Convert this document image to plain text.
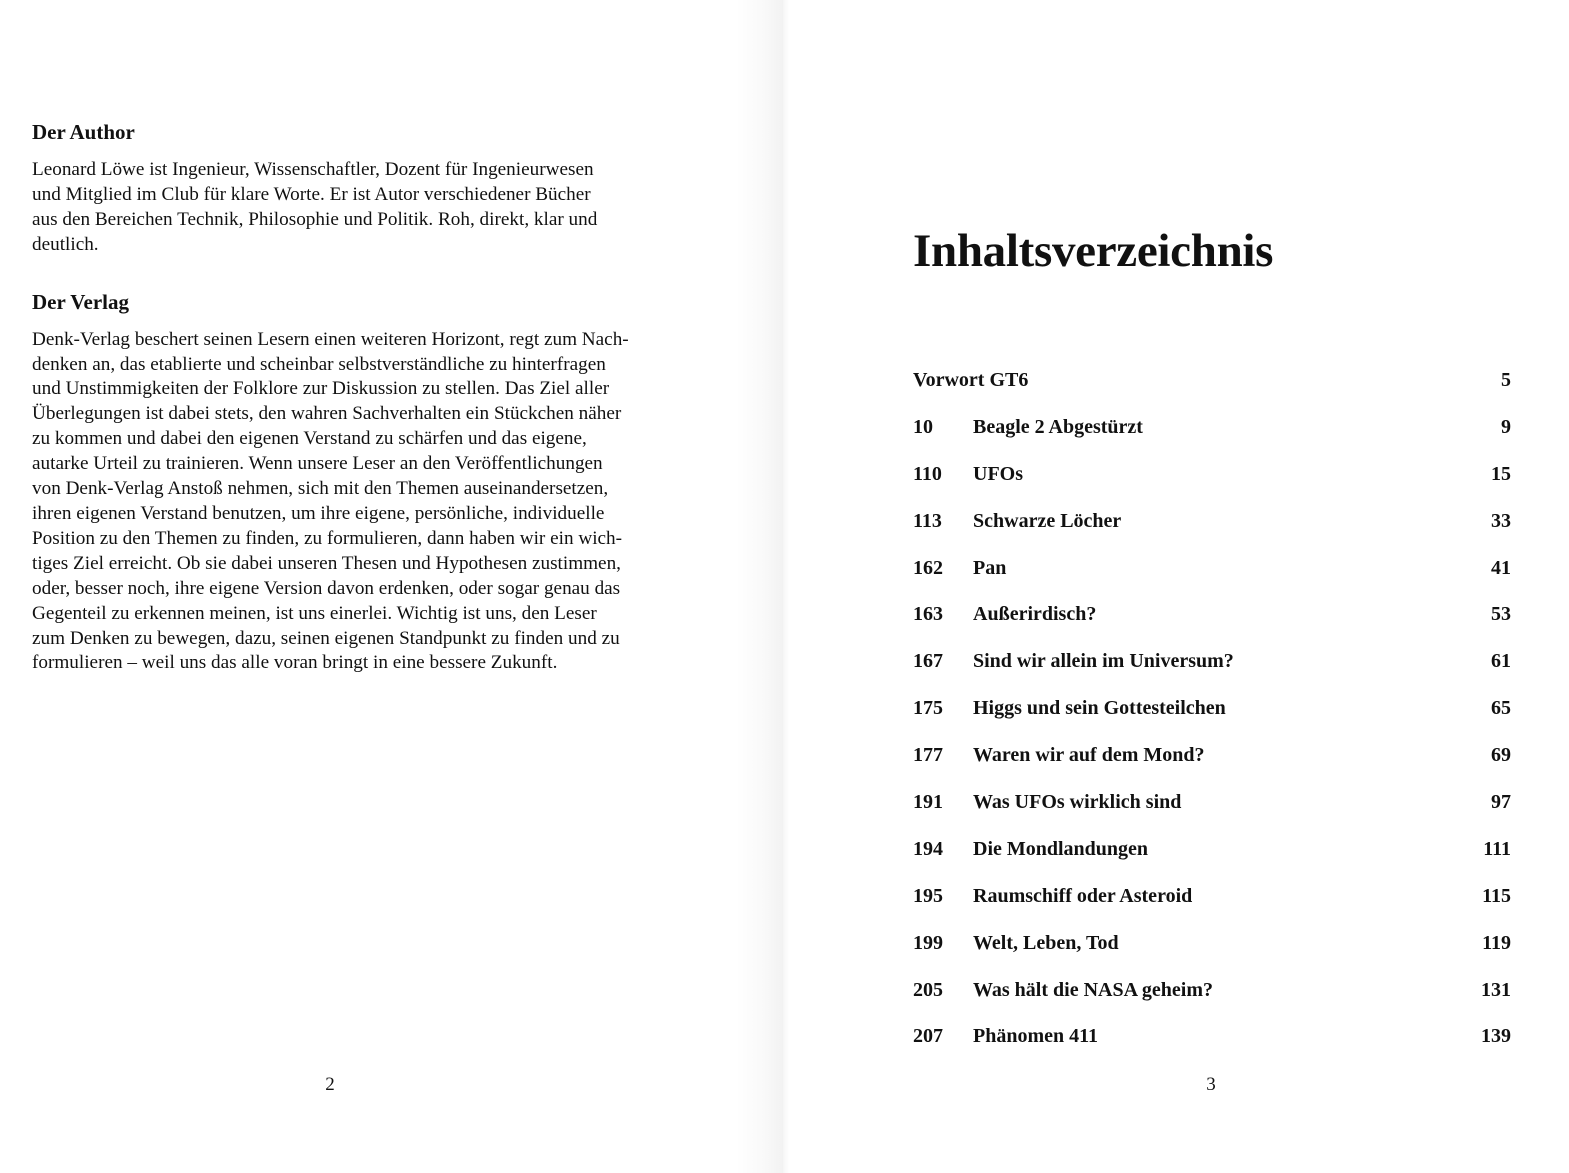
Der Author
Leonard Löwe ist Ingenieur, Wissenschaftler, Dozent für Ingenieurwesen
und Mitglied im Club für klare Worte. Er ist Autor verschiedener Bücher
aus den Bereichen Technik, Philosophie und Politik. Roh, direkt, klar und
deutlich.
Der Verlag
Denk-Verlag beschert seinen Lesern einen weiteren Horizont, regt zum Nach-
denken an, das etablierte und scheinbar selbstverständliche zu hinterfragen
und Unstimmigkeiten der Folklore zur Diskussion zu stellen. Das Ziel aller
Überlegungen ist dabei stets, den wahren Sachverhalten ein Stückchen näher
zu kommen und dabei den eigenen Verstand zu schärfen und das eigene,
autarke Urteil zu trainieren. Wenn unsere Leser an den Veröffentlichungen
von Denk-Verlag Anstoß nehmen, sich mit den Themen auseinandersetzen,
ihren eigenen Verstand benutzen, um ihre eigene, persönliche, individuelle
Position zu den Themen zu finden, zu formulieren, dann haben wir ein wich-
tiges Ziel erreicht. Ob sie dabei unseren Thesen und Hypothesen zustimmen,
oder, besser noch, ihre eigene Version davon erdenken, oder sogar genau das
Gegenteil zu erkennen meinen, ist uns einerlei. Wichtig ist uns, den Leser
zum Denken zu bewegen, dazu, seinen eigenen Standpunkt zu finden und zu
formulieren – weil uns das alle voran bringt in eine bessere Zukunft.
2
Inhaltsverzeichnis
Vorwort GT6	5
10 Beagle 2 Abgestürzt	9
110 UFOs	15
113 Schwarze Löcher	33
162 Pan	41
163 Außerirdisch?	53
167 Sind wir allein im Universum?	61
175 Higgs und sein Gottesteilchen	65
177 Waren wir auf dem Mond?	69
191 Was UFOs wirklich sind	97
194 Die Mondlandungen	111
195 Raumschiff oder Asteroid	115
199 Welt, Leben, Tod	119
205 Was hält die NASA geheim?	131
207 Phänomen 411	139
3
